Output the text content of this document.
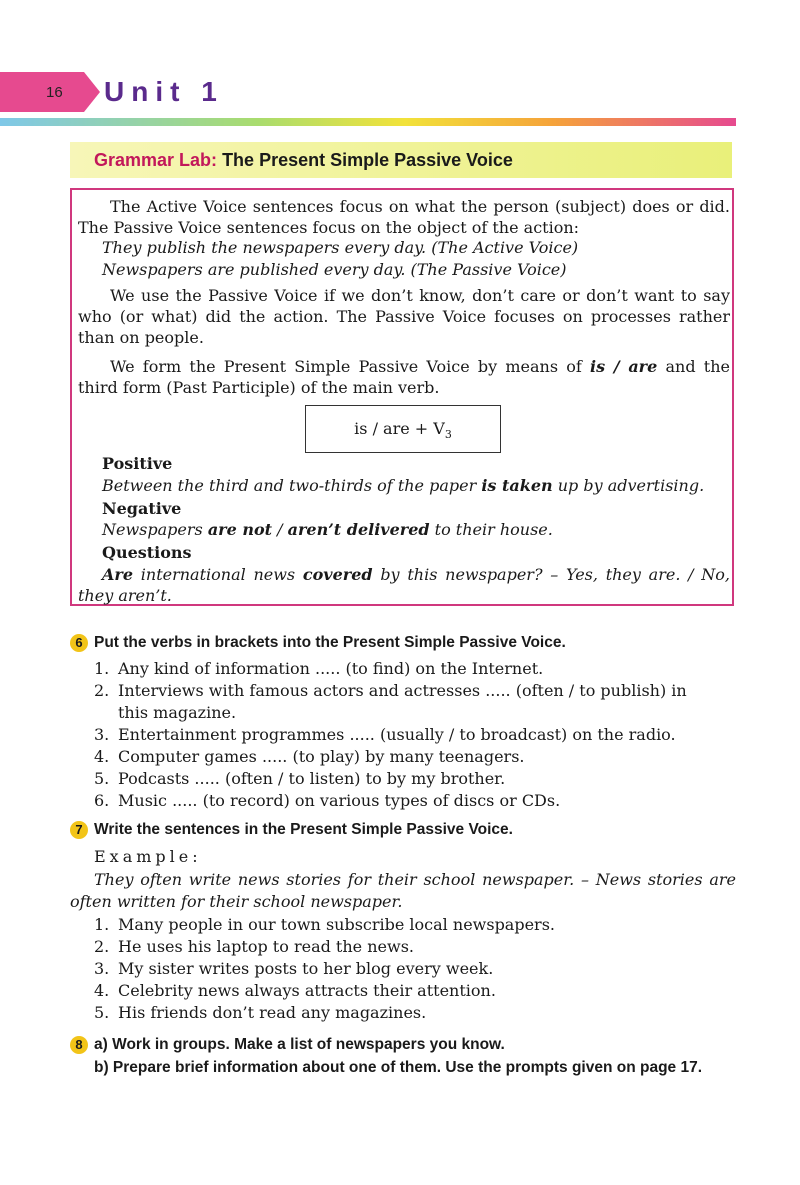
16 Unit 1
Grammar Lab: The Present Simple Passive Voice
The Active Voice sentences focus on what the person (subject) does or did. The Passive Voice sentences focus on the object of the action:
They publish the newspapers every day. (The Active Voice)
Newspapers are published every day. (The Passive Voice)
We use the Passive Voice if we don’t know, don’t care or don’t want to say who (or what) did the action. The Passive Voice focuses on processes rather than on people.
We form the Present Simple Passive Voice by means of is / are and the third form (Past Participle) of the main verb.
is / are + $V_3$
Positive
Between the third and two-thirds of the paper is taken up by advertising.
Negative
Newspapers are not / aren’t delivered to their house.
Questions
Are international news covered by this newspaper? – Yes, they are. / No, they aren’t.
6 Put the verbs in brackets into the Present Simple Passive Voice.
1. Any kind of information ..... (to find) on the Internet.
2. Interviews with famous actors and actresses ..... (often / to publish) in
this magazine.
3. Entertainment programmes ..... (usually / to broadcast) on the radio.
4. Computer games ..... (to play) by many teenagers.
5. Podcasts ..... (often / to listen) to by my brother.
6. Music ..... (to record) on various types of discs or CDs.
7 Write the sentences in the Present Simple Passive Voice.
Example:
They often write news stories for their school newspaper. – News stories are often written for their school newspaper.
1. Many people in our town subscribe local newspapers.
2. He uses his laptop to read the news.
3. My sister writes posts to her blog every week.
4. Celebrity news always attracts their attention.
5. His friends don’t read any magazines.
8 a) Work in groups. Make a list of newspapers you know.
b) Prepare brief information about one of them. Use the prompts given on page 17.
